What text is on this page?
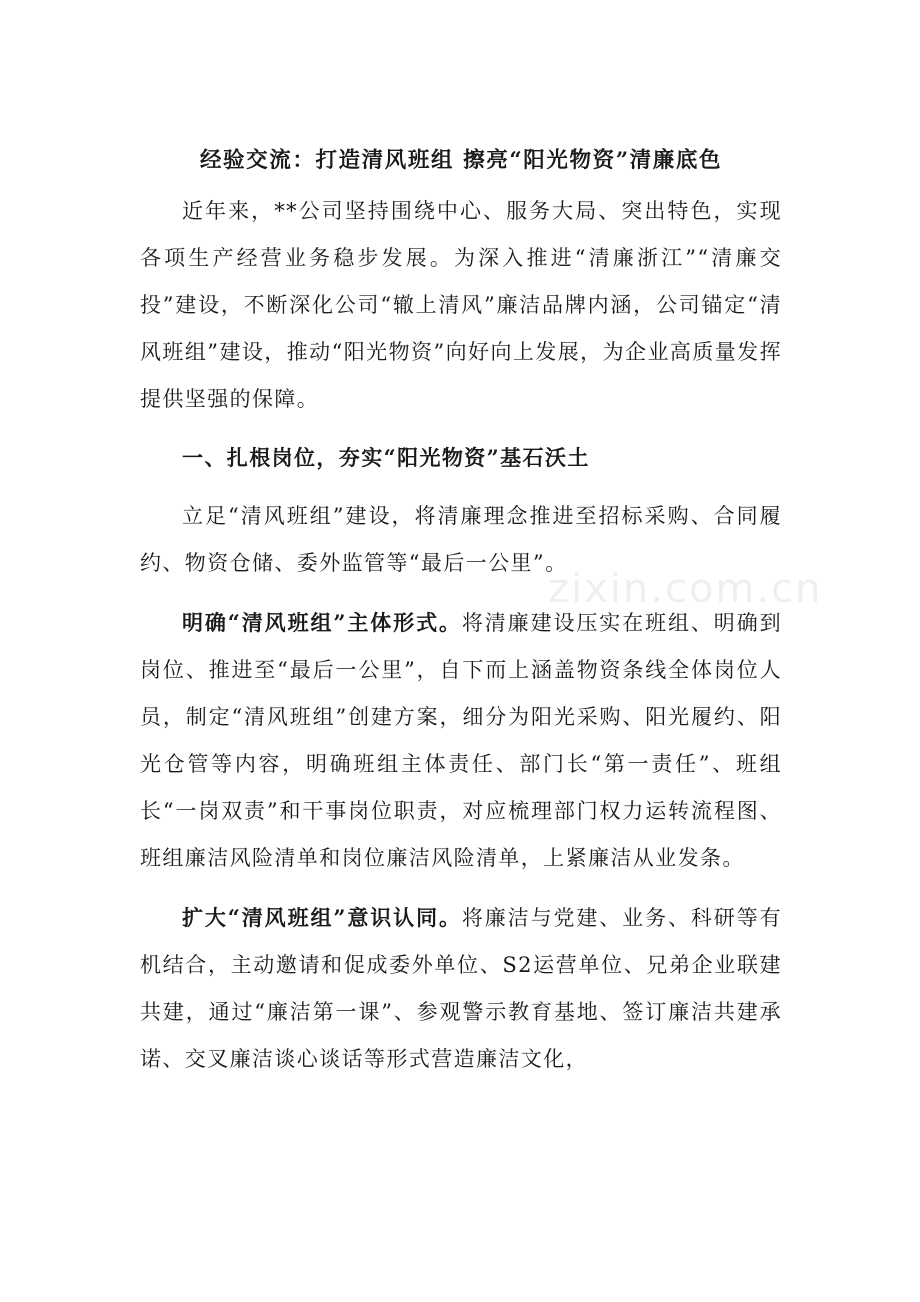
经验交流：打造清风班组 擦亮“阳光物资”清廉底色

近年来，**公司坚持围绕中心、服务大局、突出特色，实现各项生产经营业务稳步发展。为深入推进“清廉浙江”“清廉交投”建设，不断深化公司“辙上清风”廉洁品牌内涵，公司锚定“清风班组”建设，推动“阳光物资”向好向上发展，为企业高质量发挥提供坚强的保障。

一、扎根岗位，夯实“阳光物资”基石沃土

立足“清风班组”建设，将清廉理念推进至招标采购、合同履约、物资仓储、委外监管等“最后一公里”。

明确“清风班组”主体形式。将清廉建设压实在班组、明确到岗位、推进至“最后一公里”，自下而上涵盖物资条线全体岗位人员，制定“清风班组”创建方案，细分为阳光采购、阳光履约、阳光仓管等内容，明确班组主体责任、部门长“第一责任”、班组长“一岗双责”和干事岗位职责，对应梳理部门权力运转流程图、班组廉洁风险清单和岗位廉洁风险清单，上紧廉洁从业发条。

扩大“清风班组”意识认同。将廉洁与党建、业务、科研等有机结合，主动邀请和促成委外单位、S2运营单位、兄弟企业联建共建，通过“廉洁第一课”、参观警示教育基地、签订廉洁共建承诺、交叉廉洁谈心谈话等形式营造廉洁文化，

zixin.com.cn
